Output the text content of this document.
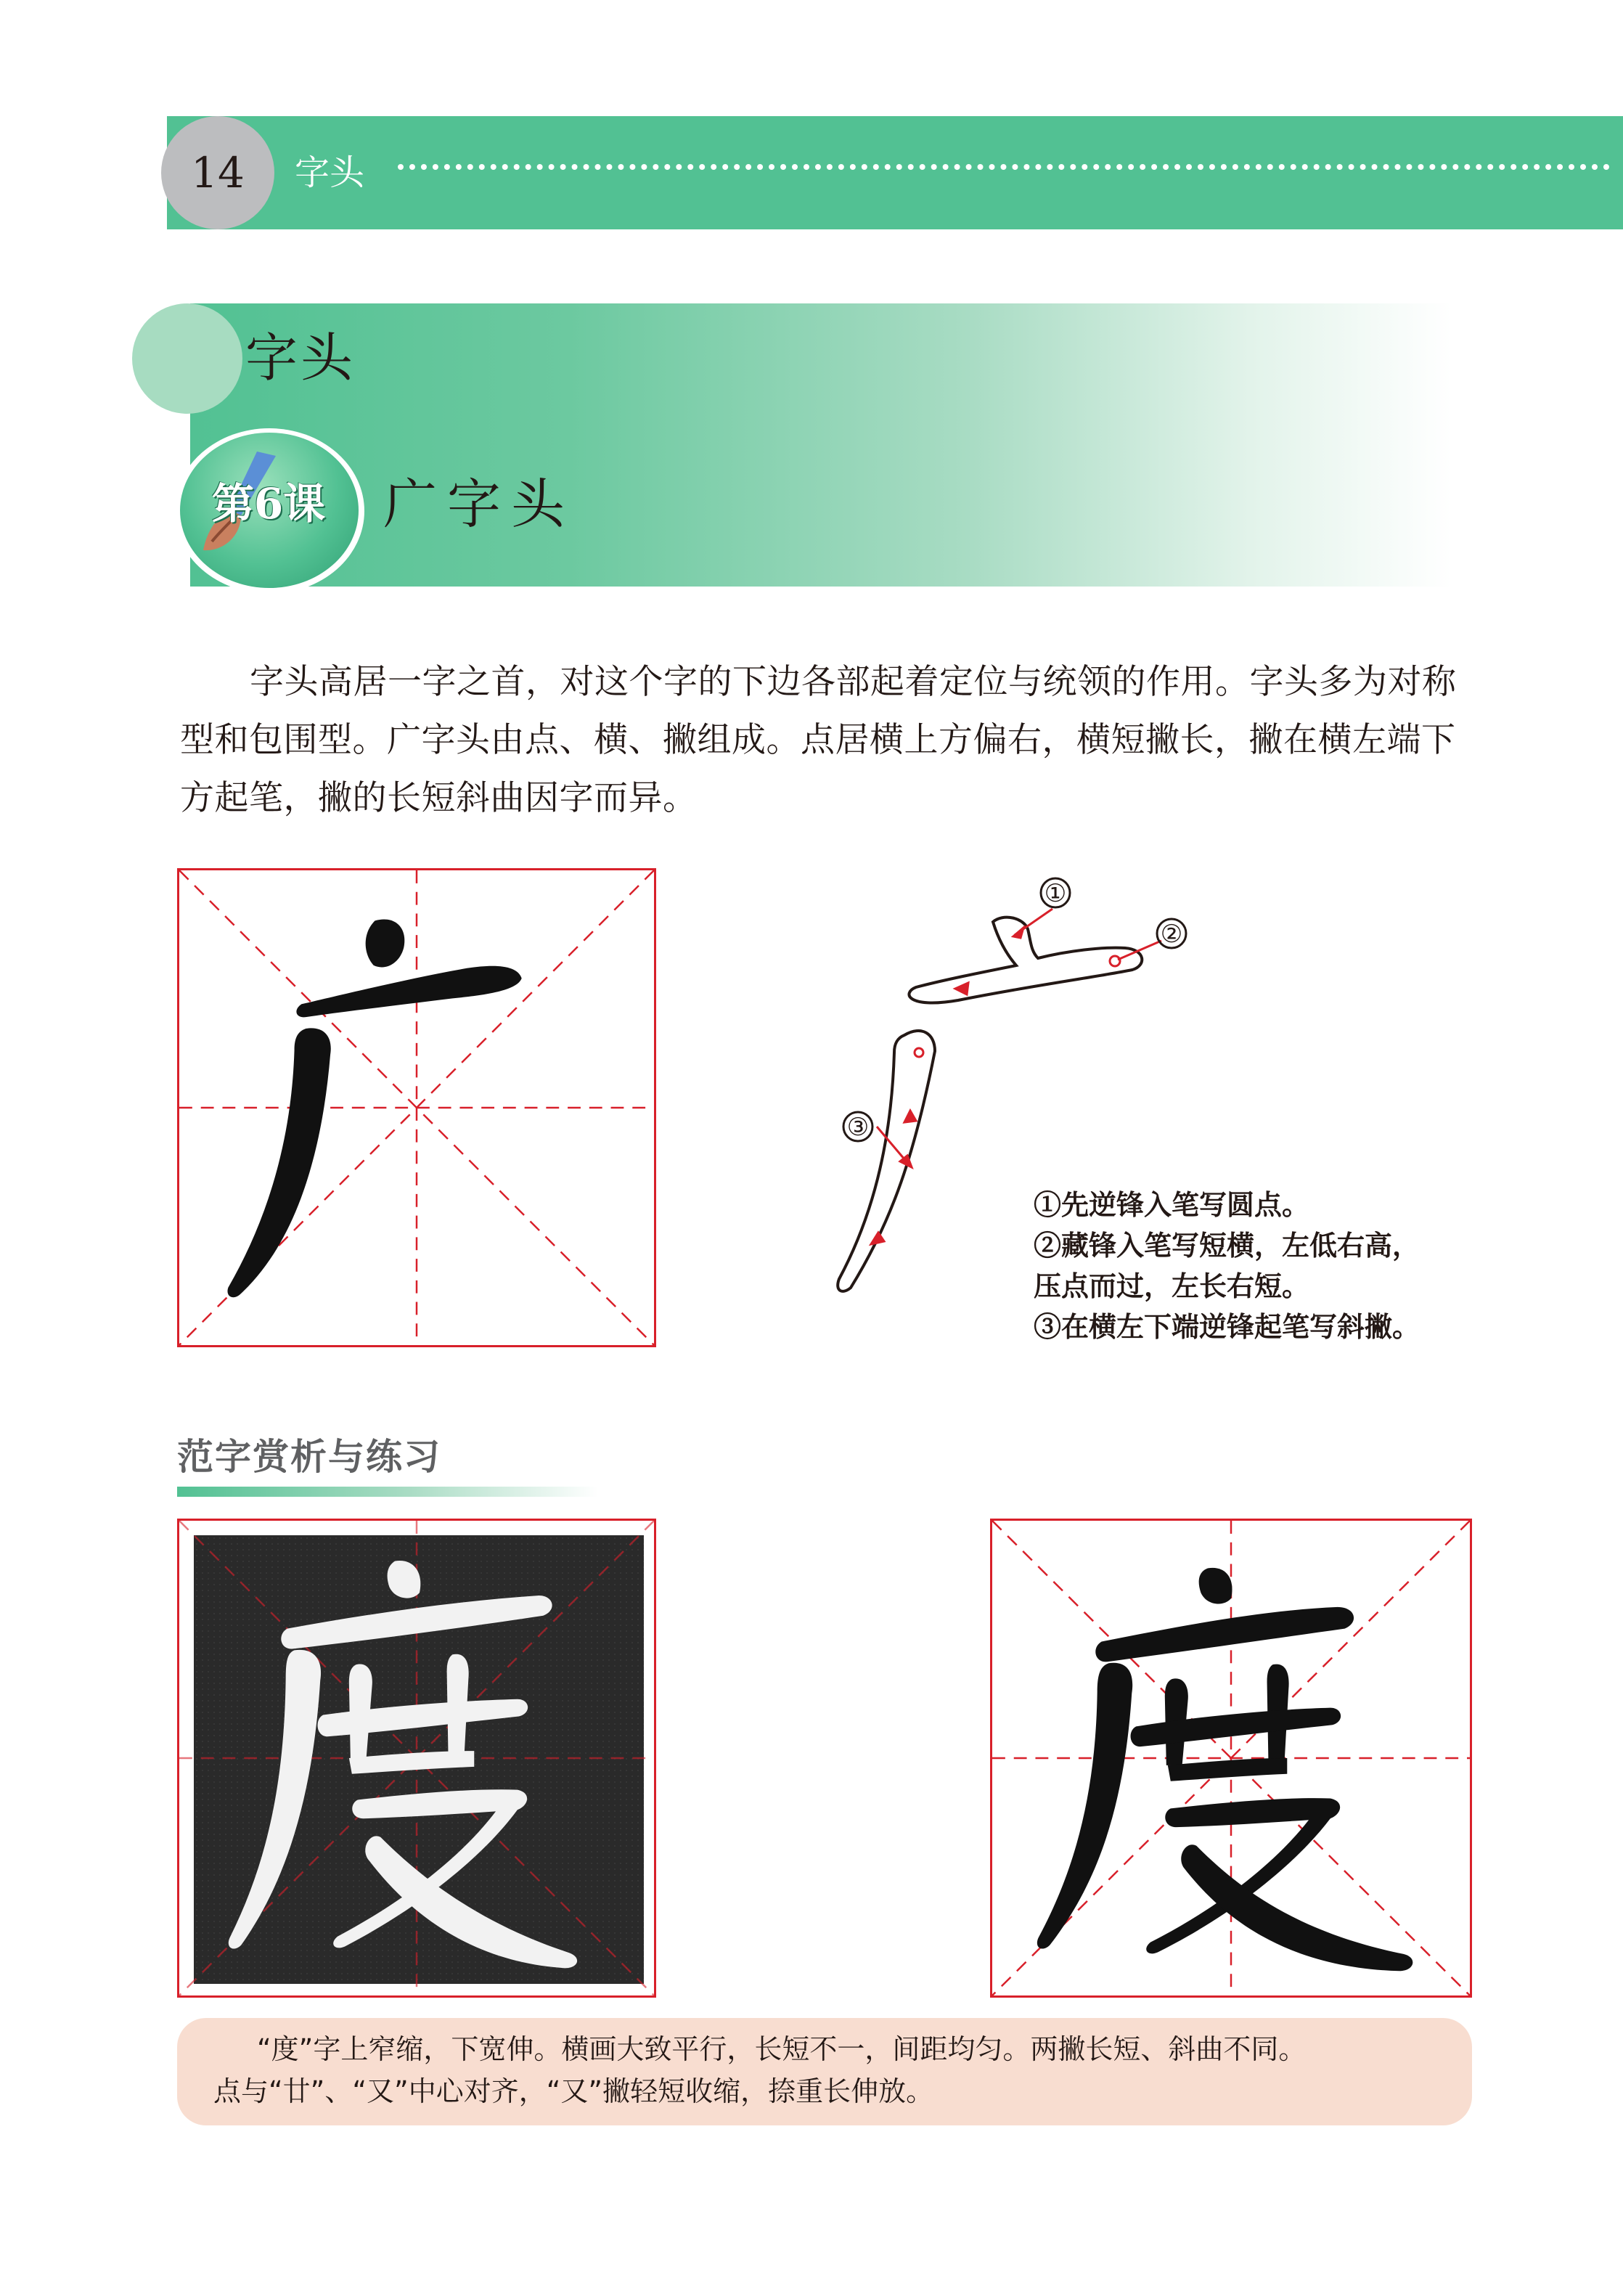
14	字头
字头
第6课 广字头
字头高居一字之首，对这个字的下边各部起着定位与统领的作用。字头多为对称型和包围型。广字头由点、横、撇组成。点居横上方偏右，横短撇长，撇在横左端下方起笔，撇的长短斜曲因字而异。
①
②
③
①先逆锋入笔写圆点。
②藏锋入笔写短横，左低右高，
压点而过，左长右短。
③在横左下端逆锋起笔写斜撇。
范字赏析与练习
“度”字上窄缩，下宽伸。横画大致平行，长短不一，间距均匀。两撇长短、斜曲不同。
点与“廿”、“又”中心对齐，“又”撇轻短收缩，捺重长伸放。
